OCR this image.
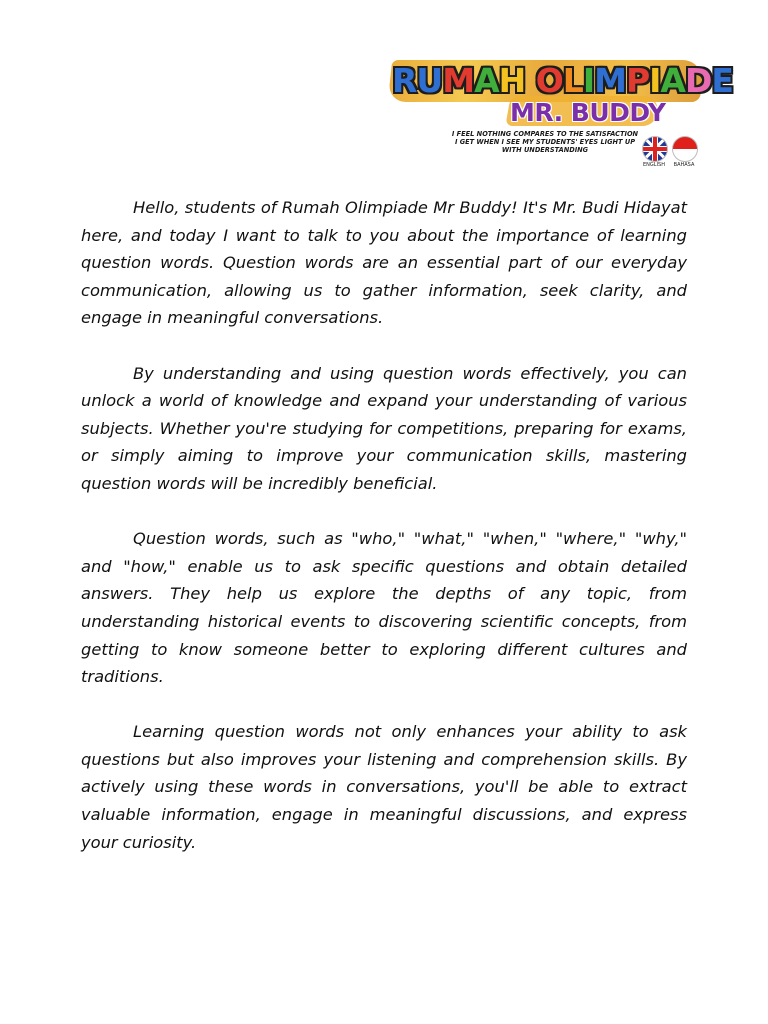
RUMAH OLIMPIADE
MR. BUDDY
I FEEL NOTHING COMPARES TO THE SATISFACTION I GET WHEN I SEE MY STUDENTS' EYES LIGHT UP WITH UNDERSTANDING
ENGLISH	BAHASA

Hello, students of Rumah Olimpiade Mr Buddy! It's Mr. Budi Hidayat here, and today I want to talk to you about the importance of learning question words. Question words are an essential part of our everyday communication, allowing us to gather information, seek clarity, and engage in meaningful conversations.

By understanding and using question words effectively, you can unlock a world of knowledge and expand your understanding of various subjects. Whether you're studying for competitions, preparing for exams, or simply aiming to improve your communication skills, mastering question words will be incredibly beneficial.

Question words, such as "who," "what," "when," "where," "why," and "how," enable us to ask specific questions and obtain detailed answers. They help us explore the depths of any topic, from understanding historical events to discovering scientific concepts, from getting to know someone better to exploring different cultures and traditions.

Learning question words not only enhances your ability to ask questions but also improves your listening and comprehension skills. By actively using these words in conversations, you'll be able to extract valuable information, engage in meaningful discussions, and express your curiosity.
